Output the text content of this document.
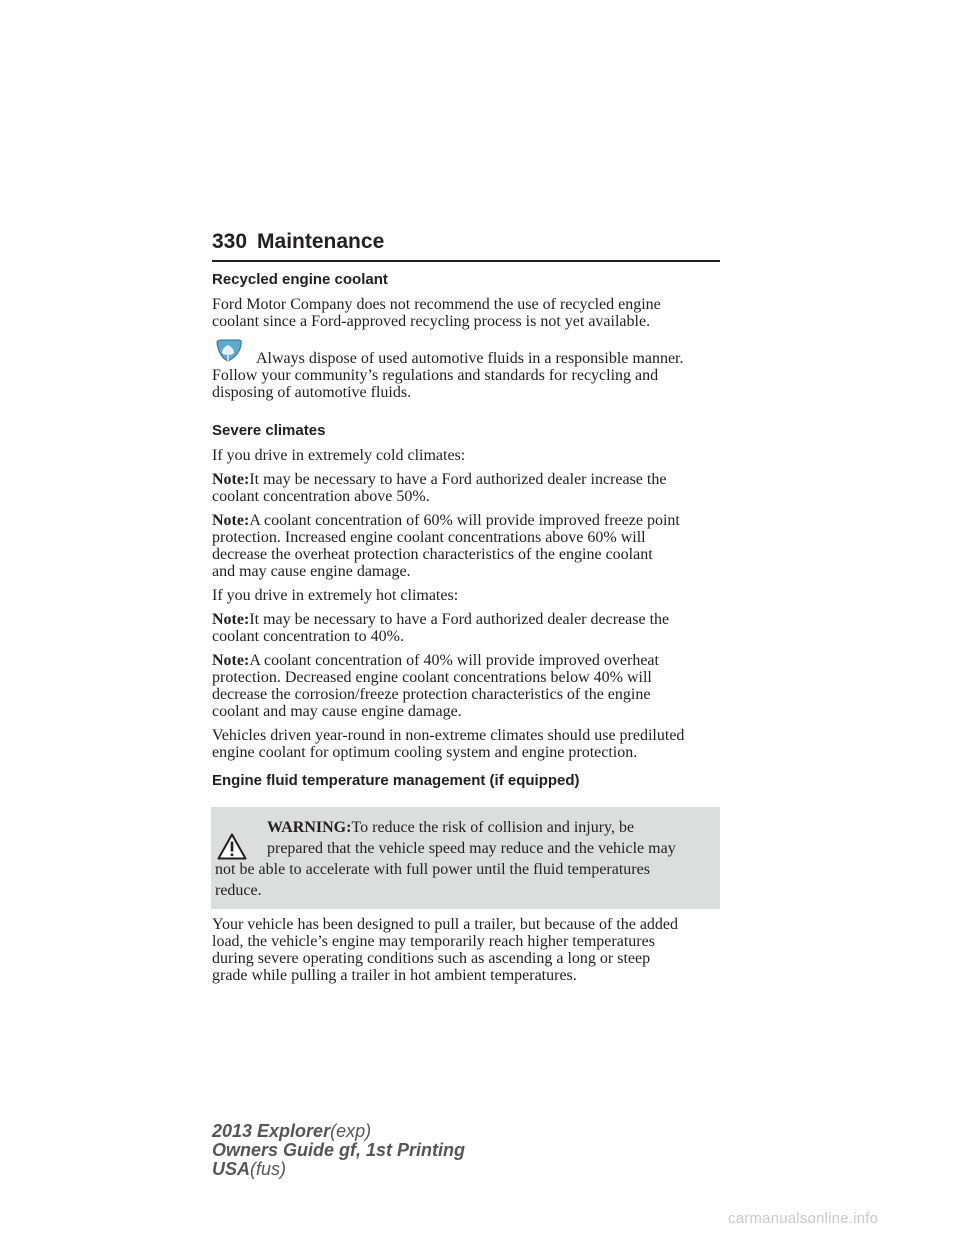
330 Maintenance

Recycled engine coolant

Ford Motor Company does not recommend the use of recycled engine

coolant since a Ford-approved recycling process is not yet available.

Always dispose of used automotive fluids in a responsible manner.

Follow your community’s regulations and standards for recycling and

disposing of automotive fluids.

Severe climates

If you drive in extremely cold climates:

Note:It may be necessary to have a Ford authorized dealer increase the

coolant concentration above 50%.

Note:A coolant concentration of 60% will provide improved freeze point

protection. Increased engine coolant concentrations above 60% will

decrease the overheat protection characteristics of the engine coolant

and may cause engine damage.

If you drive in extremely hot climates:

Note:It may be necessary to have a Ford authorized dealer decrease the

coolant concentration to 40%.

Note:A coolant concentration of 40% will provide improved overheat

protection. Decreased engine coolant concentrations below 40% will

decrease the corrosion/freeze protection characteristics of the engine

coolant and may cause engine damage.

Vehicles driven year-round in non-extreme climates should use prediluted

engine coolant for optimum cooling system and engine protection.

Engine fluid temperature management (if equipped)

WARNING:To reduce the risk of collision and injury, be

prepared that the vehicle speed may reduce and the vehicle may

not be able to accelerate with full power until the fluid temperatures

reduce.

Your vehicle has been designed to pull a trailer, but because of the added

load, the vehicle’s engine may temporarily reach higher temperatures

during severe operating conditions such as ascending a long or steep

grade while pulling a trailer in hot ambient temperatures.

2013 Explorer(exp)
Owners Guide gf, 1st Printing
USA(fus)
carmanualsonline.info
